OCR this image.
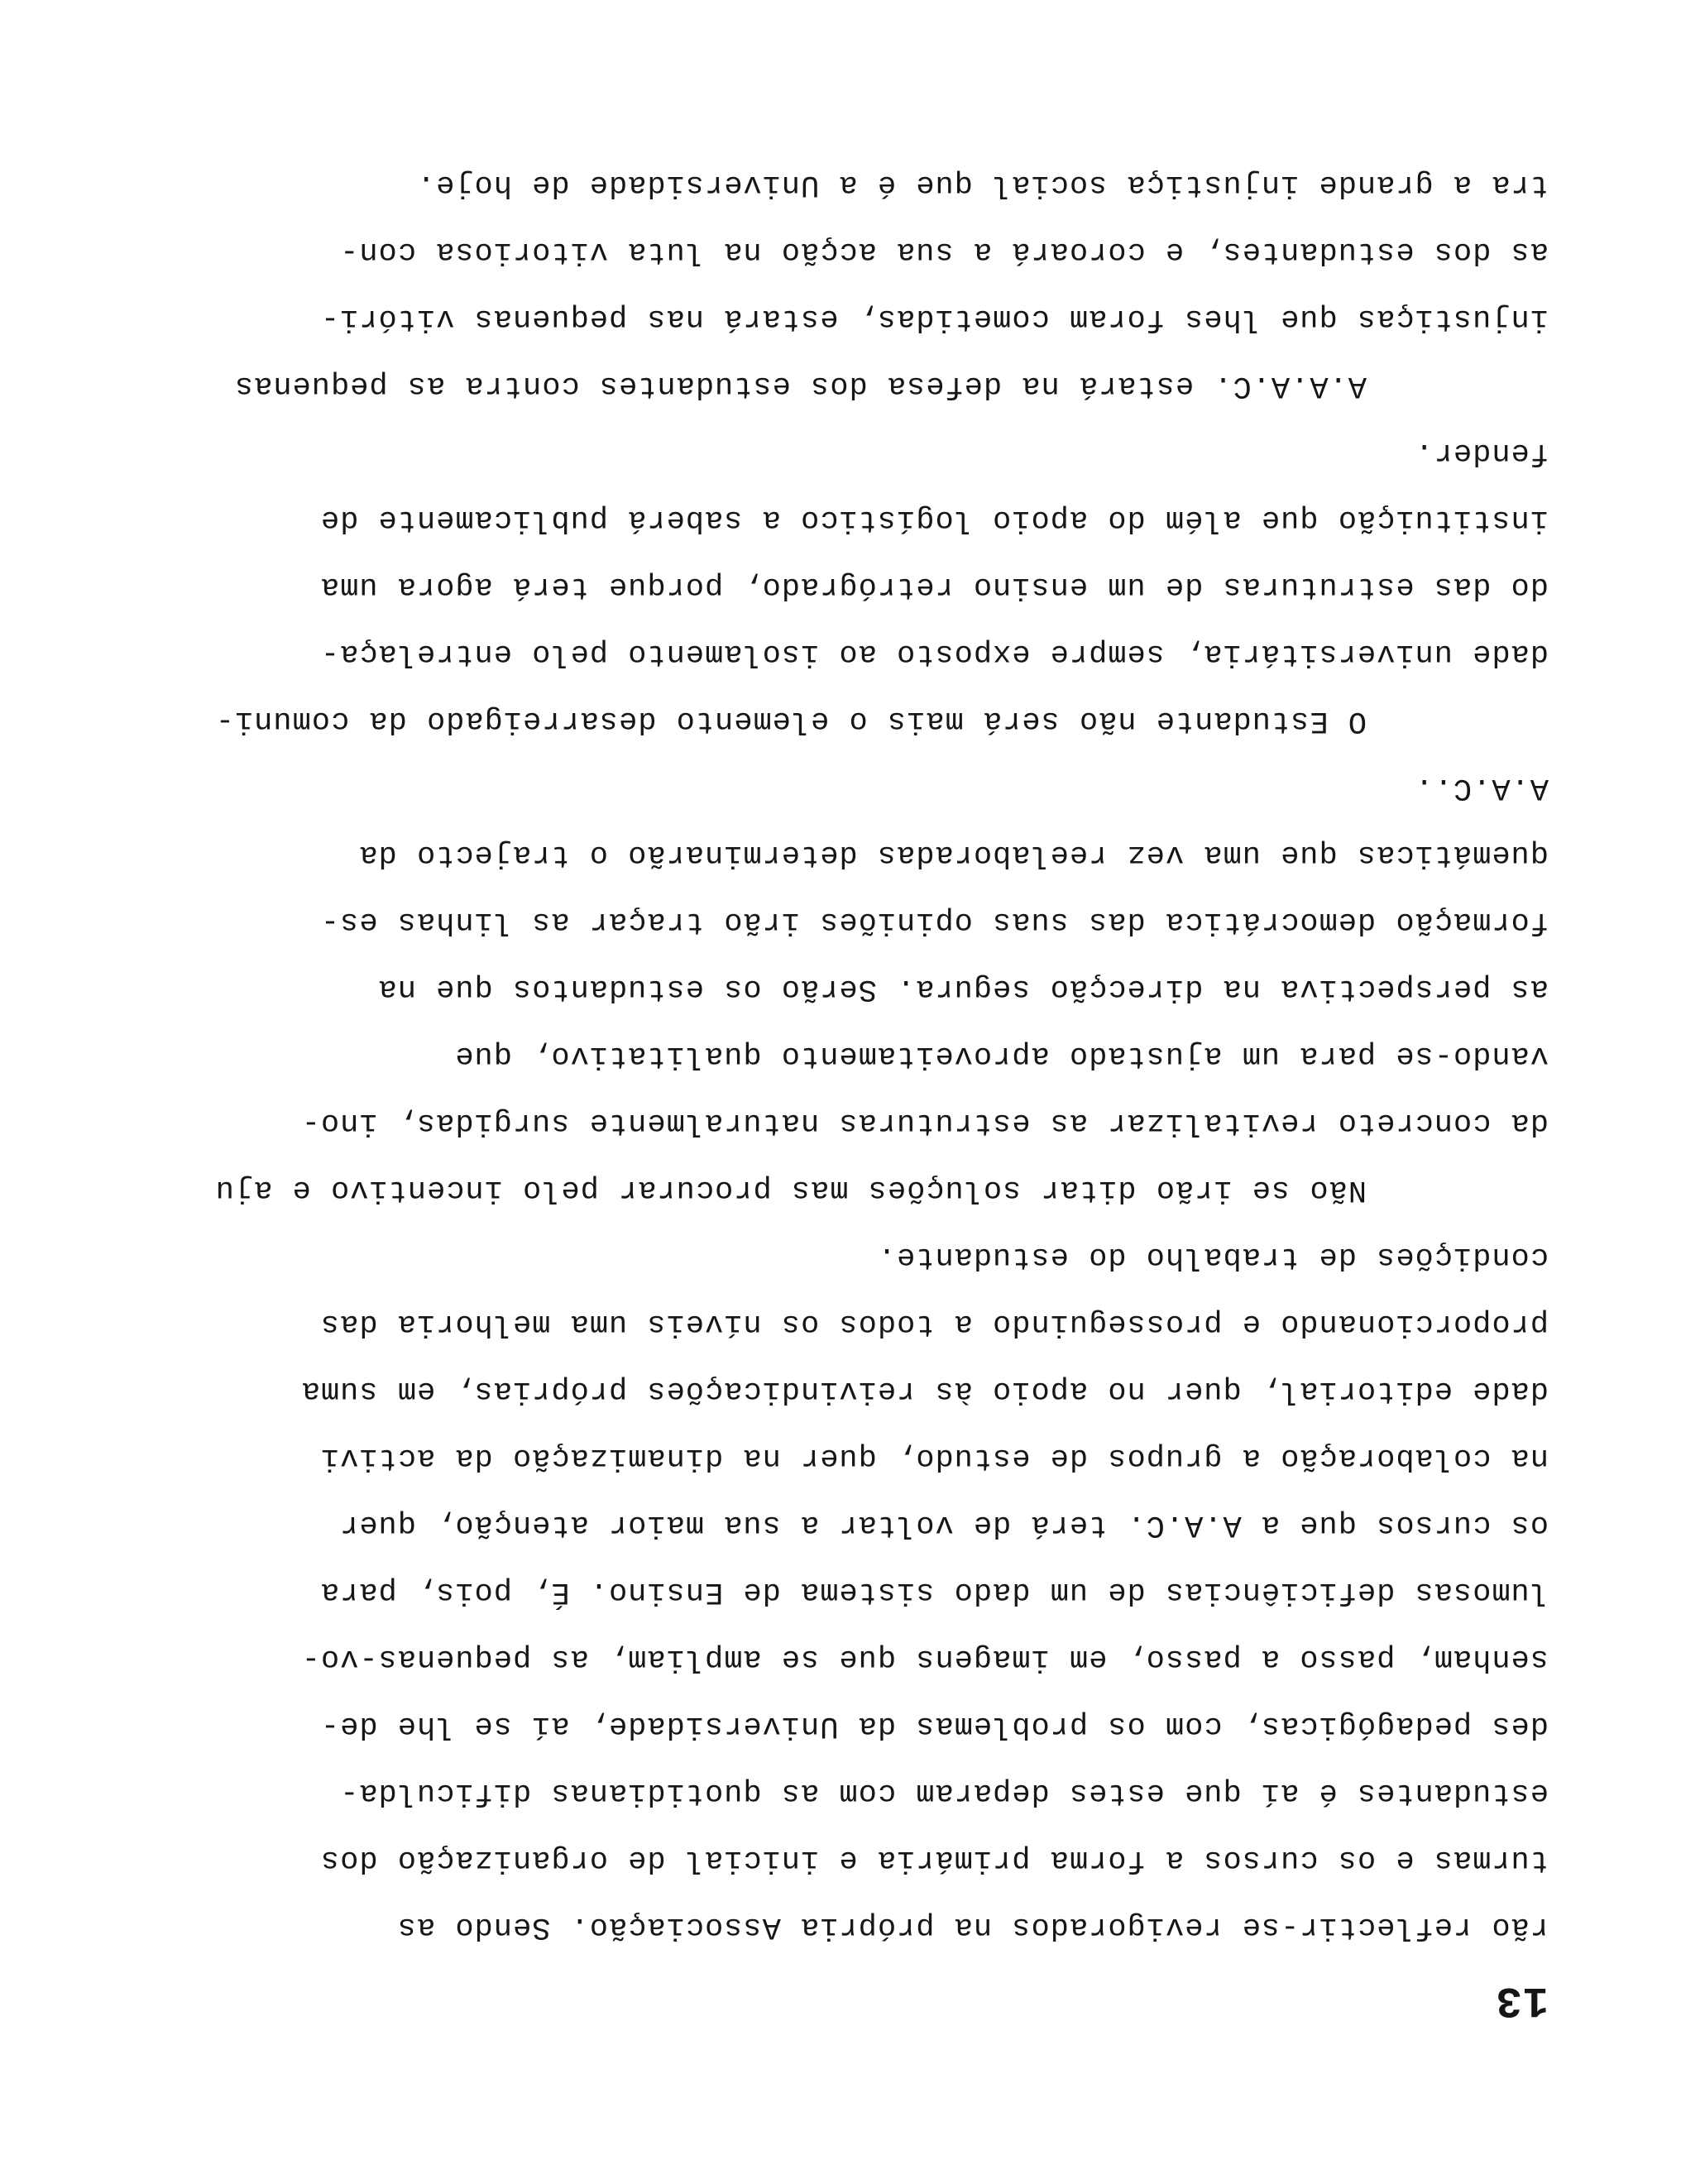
13
rão reflectir-se revigorados na própria Associação. Sendo as
turmas e os cursos a forma primária e inicial de organização dos
estudantes é aí que estes deparam com as quotidianas dificulda-
des pedagógicas, com os problemas da Universidade, aí se lhe de-
senham, passo a passo, em imagens que se ampliam, as pequenas-vo-
lumosas deficiências de um dado sistema de Ensino. É, pois, para
os cursos que a A.A.C. terá de voltar a sua maior atenção, quer
na colaboração a grupos de estudo, quer na dinamização da activi
dade editorial, quer no apoio às reivindicações próprias, em suma
proporcionando e prosseguindo a todos os níveis uma melhoria das
condições de trabalho do estudante.
Não se irão ditar soluções mas procurar pelo incentivo e aju
da concreto revitalizar as estruturas naturalmente surgidas, ino-
vando-se para um ajustado aproveitamento qualitativo, que
as perspectiva na direcção segura. Serão os estudantos que na
formação democrática das suas opiniões irão traçar as linhas es-
quemáticas que uma vez reelaboradas determinarão o trajecto da
A.A.C..
O Estudante não será mais o elemento desarreigado da comuni-
dade universitária, sempre exposto ao isolamento pelo entrelaça-
do das estruturas de um ensino retrógrado, porque terá agora uma
instituição que além do apoio logístico a saberá publicamente de
fender.
A.A.A.C. estará na defesa dos estudantes contra as pequenas
injustiças que lhes foram cometidas, estará nas pequenas vitóri-
as dos estudantes, e coroará a sua acção na luta vitoriosa con-
tra a grande injustiça social que é a Universidade de hoje.
